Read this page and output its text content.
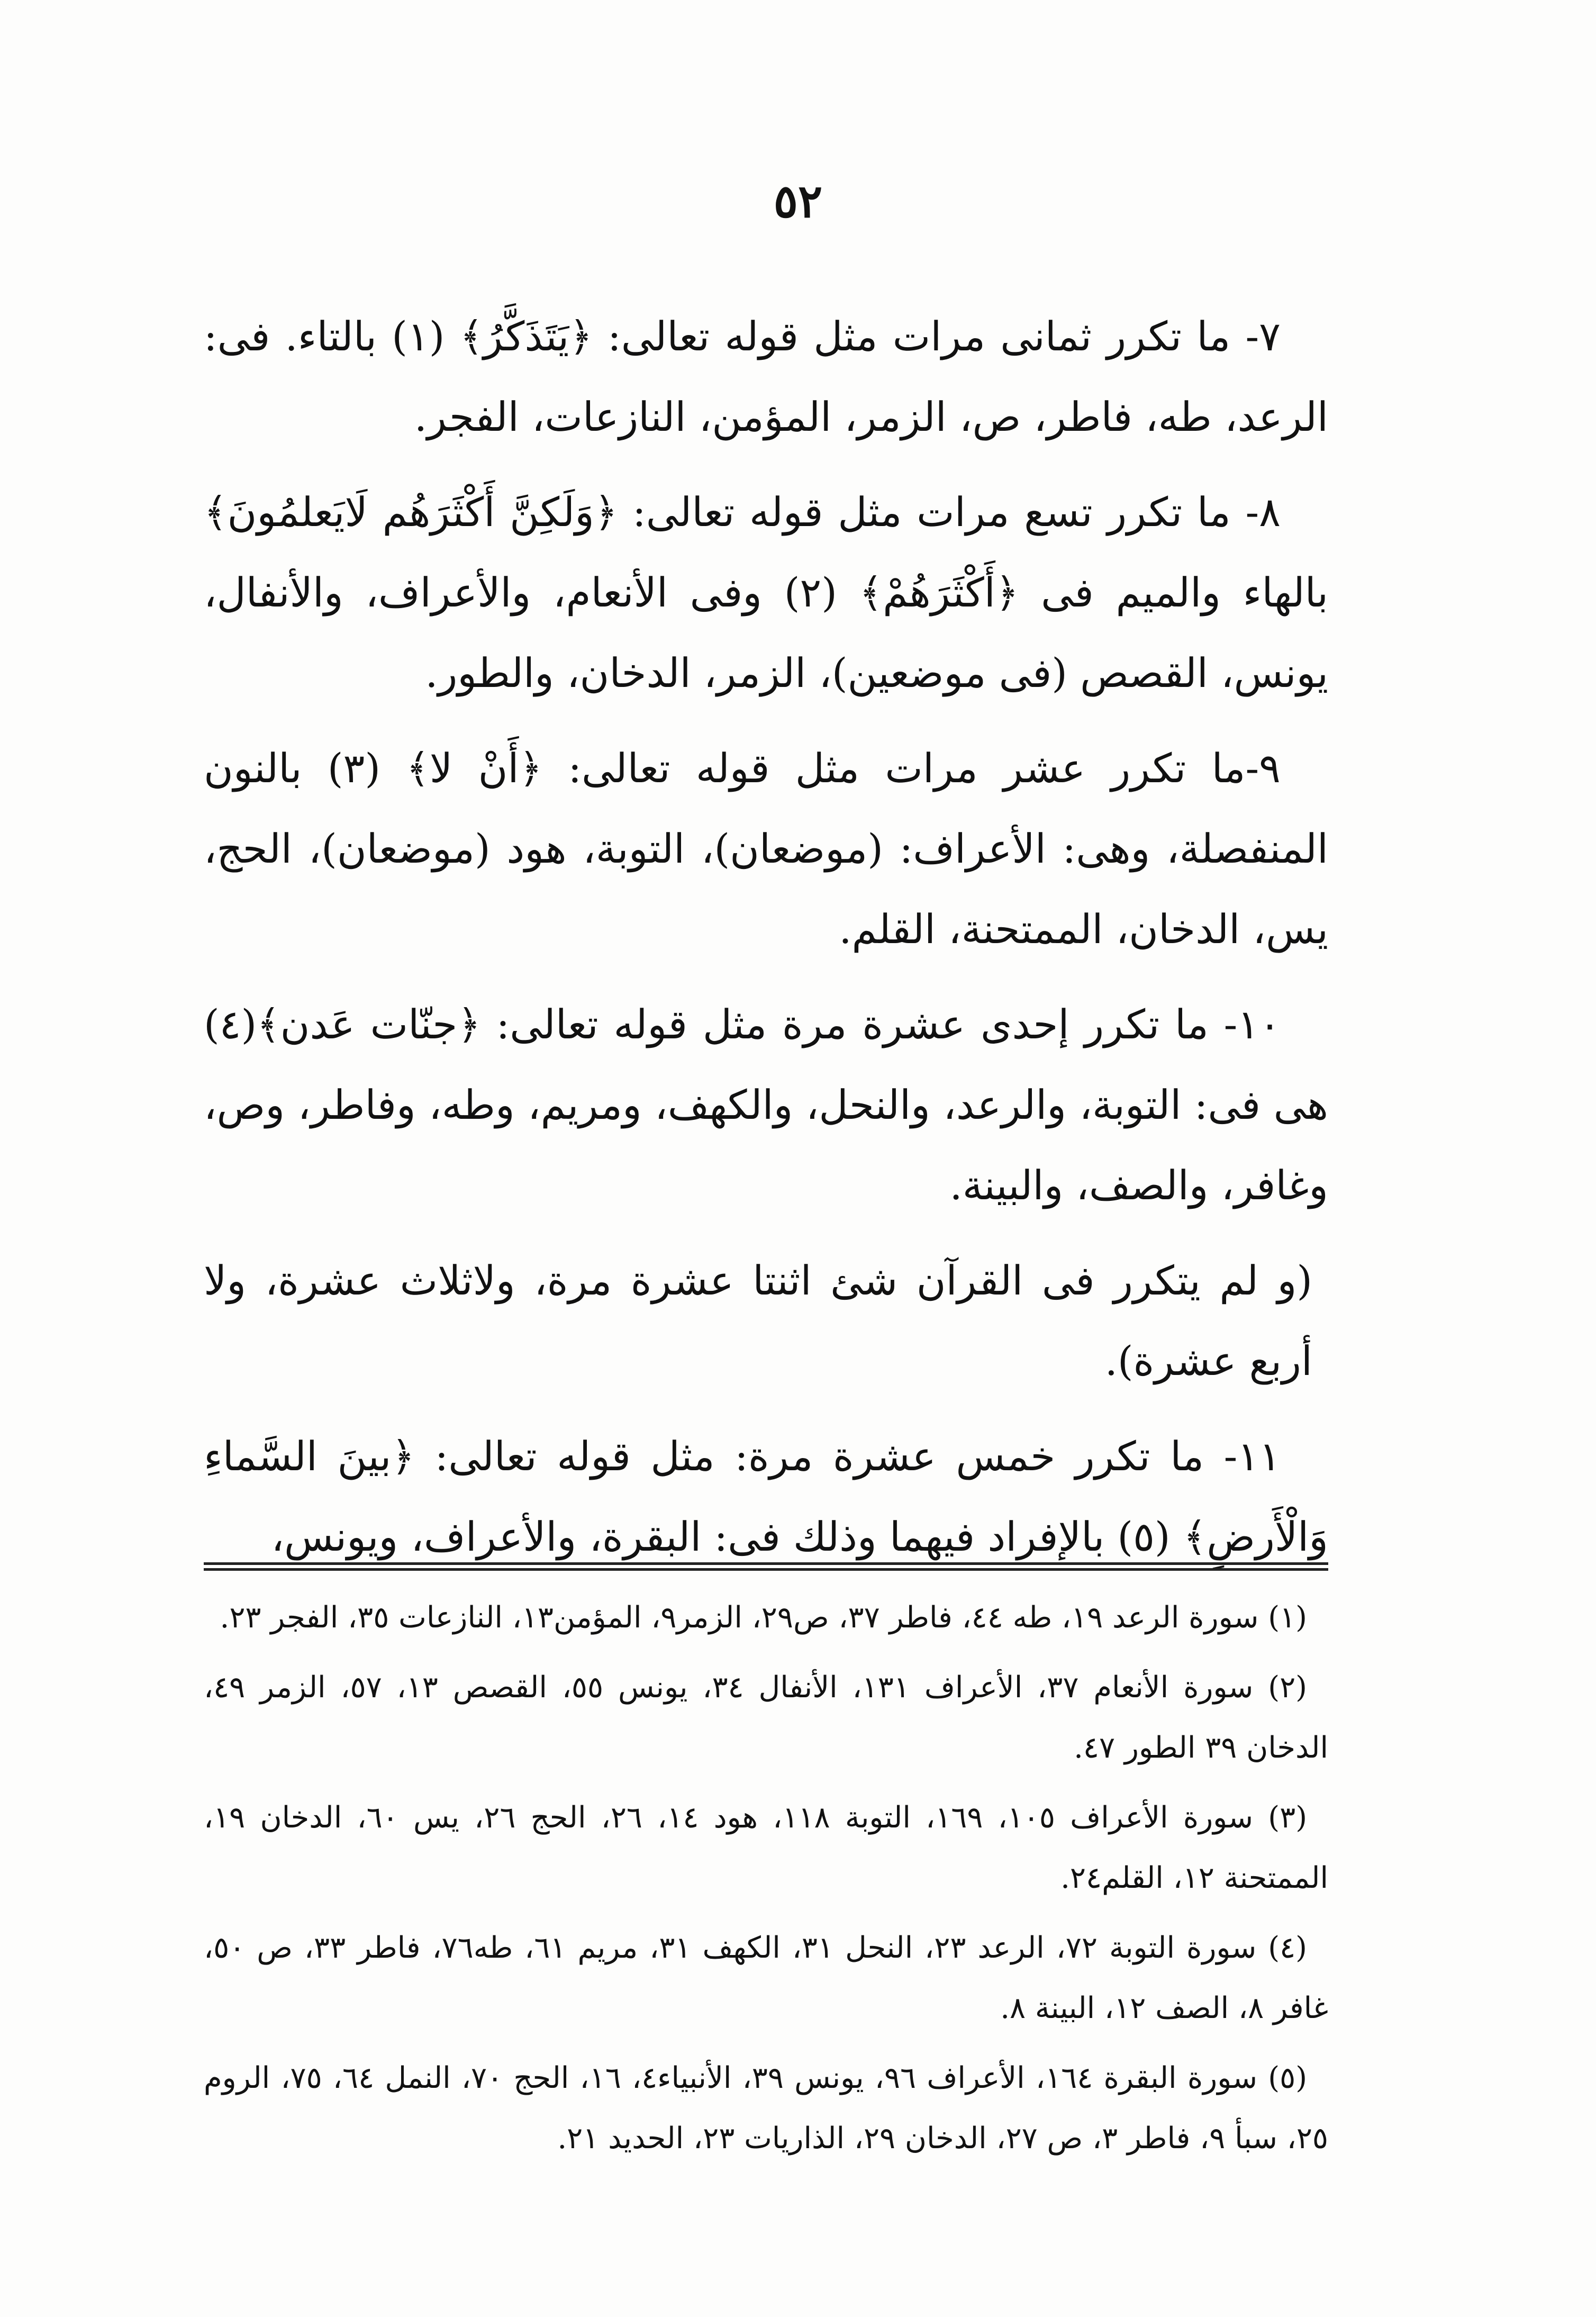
٥٢

٧- ما تكرر ثمانى مرات مثل قوله تعالى: ﴿يَتَذَكَّرُ﴾ (١) بالتاء. فى: الرعد، طه، فاطر، ص، الزمر، المؤمن، النازعات، الفجر.

٨- ما تكرر تسع مرات مثل قوله تعالى: ﴿وَلَكِنَّ أَكْثَرَهُم لَايَعلمُونَ﴾ بالهاء والميم فى ﴿أَكْثَرَهُمْ﴾ (٢) وفى الأنعام، والأعراف، والأنفال، يونس، القصص (فى موضعين)، الزمر، الدخان، والطور.

٩-ما تكرر عشر مرات مثل قوله تعالى: ﴿أَنْ لا﴾ (٣) بالنون المنفصلة، وهى: الأعراف: (موضعان)، التوبة، هود (موضعان)، الحج، يس، الدخان، الممتحنة، القلم.

١٠- ما تكرر إحدى عشرة مرة مثل قوله تعالى: ﴿جنّات عَدن﴾(٤) هى فى: التوبة، والرعد، والنحل، والكهف، ومريم، وطه، وفاطر، وص، وغافر، والصف، والبينة.

(و لم يتكرر فى القرآن شئ اثنتا عشرة مرة، ولاثلاث عشرة، ولا أربع عشرة).

١١- ما تكرر خمس عشرة مرة: مثل قوله تعالى: ﴿بينَ السَّماءِ وَالْأَرضِ﴾ (٥) بالإفراد فيهما وذلك فى: البقرة، والأعراف، ويونس،

(١) سورة الرعد ١٩، طه ٤٤، فاطر ٣٧، ص٢٩، الزمر٩، المؤمن١٣، النازعات ٣٥، الفجر ٢٣.

(٢) سورة الأنعام ٣٧، الأعراف ١٣١، الأنفال ٣٤، يونس ٥٥، القصص ١٣، ٥٧، الزمر ٤٩، الدخان ٣٩ الطور ٤٧.

(٣) سورة الأعراف ١٠٥، ١٦٩، التوبة ١١٨، هود ١٤، ٢٦، الحج ٢٦، يس ٦٠، الدخان ١٩، الممتحنة ١٢، القلم٢٤.

(٤) سورة التوبة ٧٢، الرعد ٢٣، النحل ٣١، الكهف ٣١، مريم ٦١، طه٧٦، فاطر ٣٣، ص ٥٠، غافر ٨، الصف ١٢، البينة ٨.

(٥) سورة البقرة ١٦٤، الأعراف ٩٦، يونس ٣٩، الأنبياء٤، ١٦، الحج ٧٠، النمل ٦٤، ٧٥، الروم ٢٥، سبأ ٩، فاطر ٣، ص ٢٧، الدخان ٢٩، الذاريات ٢٣، الحديد ٢١.
